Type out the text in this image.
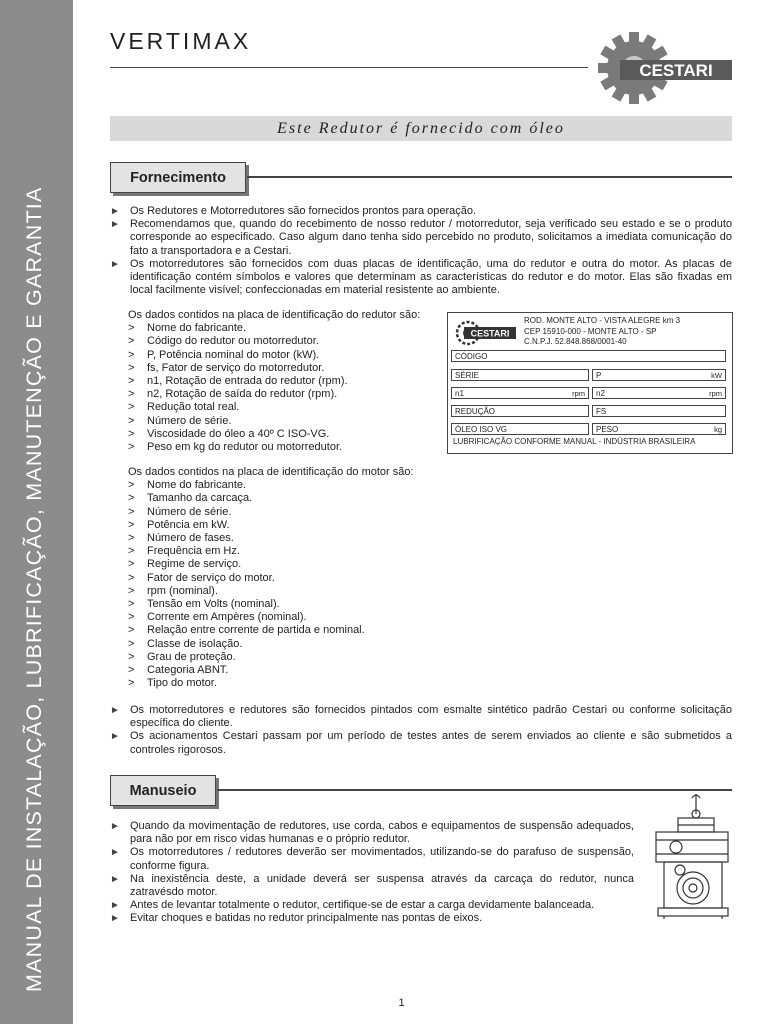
MANUAL DE INSTALAÇÃO, LUBRIFICAÇÃO, MANUTENÇÃO E GARANTIA
VERTIMAX
CESTARI
Este Redutor é fornecido com óleo
Fornecimento
► Os Redutores e Motorredutores são fornecidos prontos para operação.
► Recomendamos que, quando do recebimento de nosso redutor / motorredutor, seja verificado seu estado e se o produto corresponde ao especificado. Caso algum dano tenha sido percebido no produto, solicitamos a imediata comunicação do fato a transportadora e a Cestari.
► Os motorredutores são fornecidos com duas placas de identificação, uma do redutor e outra do motor. As placas de identificação contém símbolos e valores que determinam as características do redutor e do motor. Elas são fixadas em local facilmente visível; confeccionadas em material resistente ao ambiente.
Os dados contidos na placa de identificação do redutor são:
> Nome do fabricante.
> Código do redutor ou motorredutor.
> P, Potência nominal do motor (kW).
> fs, Fator de serviço do motorredutor.
> n1, Rotação de entrada do redutor (rpm).
> n2, Rotação de saída do redutor (rpm).
> Redução total real.
> Número de série.
> Viscosidade do óleo a 40º C ISO-VG.
> Peso em kg do redutor ou motorredutor.
CESTARI
ROD. MONTE ALTO - VISTA ALEGRE km 3
CEP 15910-000 - MONTE ALTO - SP
C.N.P.J. 52.848.868/0001-40
CÓDIGO
SÉRIE	P	kW
n1	rpm	n2	rpm
REDUÇÃO	FS
ÓLEO ISO VG	PESO	kg
LUBRIFICAÇÃO CONFORME MANUAL - INDÚSTRIA BRASILEIRA
Os dados contidos na placa de identificação do motor são:
> Nome do fabricante.
> Tamanho da carcaça.
> Número de série.
> Potência em kW.
> Número de fases.
> Frequência em Hz.
> Regime de serviço.
> Fator de serviço do motor.
> rpm (nominal).
> Tensão em Volts (nominal).
> Corrente em Ampères (nominal).
> Relação entre corrente de partida e nominal.
> Classe de isolação.
> Grau de proteção.
> Categoria ABNT.
> Tipo do motor.
► Os motorredutores e redutores são fornecidos pintados com esmalte sintético padrão Cestari ou conforme solicitação específica do cliente.
► Os acionamentos Cestari passam por um período de testes antes de serem enviados ao cliente e são submetidos a controles rigorosos.
Manuseio
► Quando da movimentação de redutores, use corda, cabos e equipamentos de suspensão adequados, para não por em risco vidas humanas e o próprio redutor.
► Os motorredutores / redutores deverão ser movimentados, utilizando-se do parafuso de suspensão, conforme figura.
► Na inexistência deste, a unidade deverá ser suspensa através da carcaça do redutor, nunca zatravésdo motor.
► Antes de levantar totalmente o redutor, certifique-se de estar a carga devidamente balanceada.
► Evitar choques e batidas no redutor principalmente nas pontas de eixos.
1
